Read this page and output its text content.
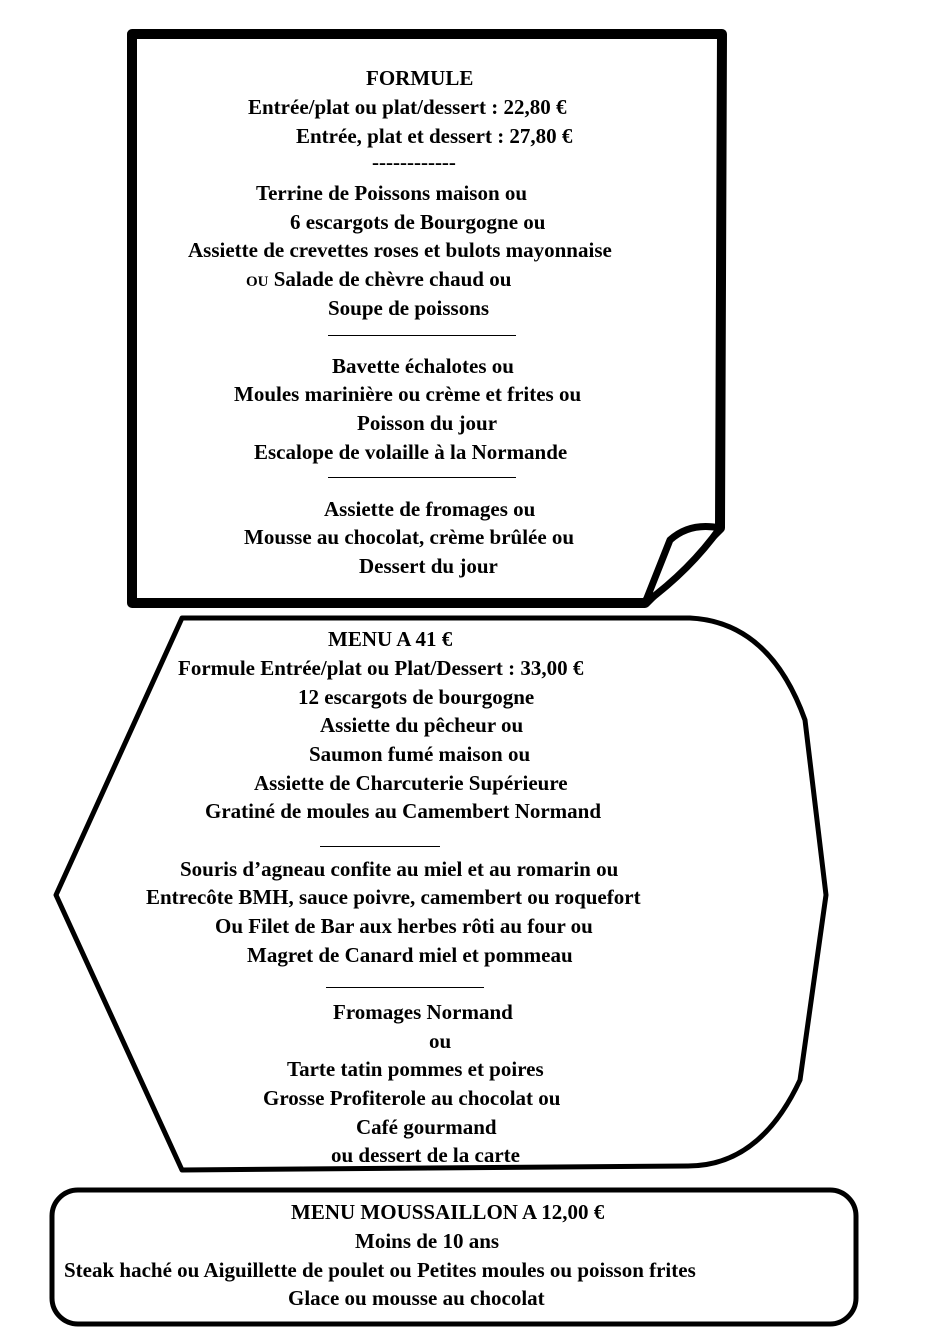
FORMULE
Entrée/plat ou plat/dessert : 22,80 €
Entrée, plat et dessert : 27,80 €
------------
Terrine de Poissons maison ou
6 escargots de Bourgogne ou
Assiette de crevettes roses et bulots mayonnaise
OU Salade de chèvre chaud ou
Soupe de poissons
Bavette échalotes ou
Moules marinière ou crème et frites ou
Poisson du jour
Escalope de volaille à la Normande
Assiette de fromages ou
Mousse au chocolat, crème brûlée ou
Dessert du jour
MENU A 41 €
Formule Entrée/plat ou Plat/Dessert : 33,00 €
12 escargots de bourgogne
Assiette du pêcheur ou
Saumon fumé maison ou
Assiette de Charcuterie Supérieure
Gratiné de moules au Camembert Normand
Souris d’agneau confite au miel et au romarin ou
Entrecôte BMH, sauce poivre, camembert ou roquefort
Ou Filet de Bar aux herbes rôti au four ou
Magret de Canard miel et pommeau
Fromages Normand
ou
Tarte tatin pommes et poires
Grosse Profiterole au chocolat ou
Café gourmand
ou dessert de la carte
MENU MOUSSAILLON A 12,00 €
Moins de 10 ans
Steak haché ou Aiguillette de poulet ou Petites moules ou poisson frites
Glace ou mousse au chocolat
